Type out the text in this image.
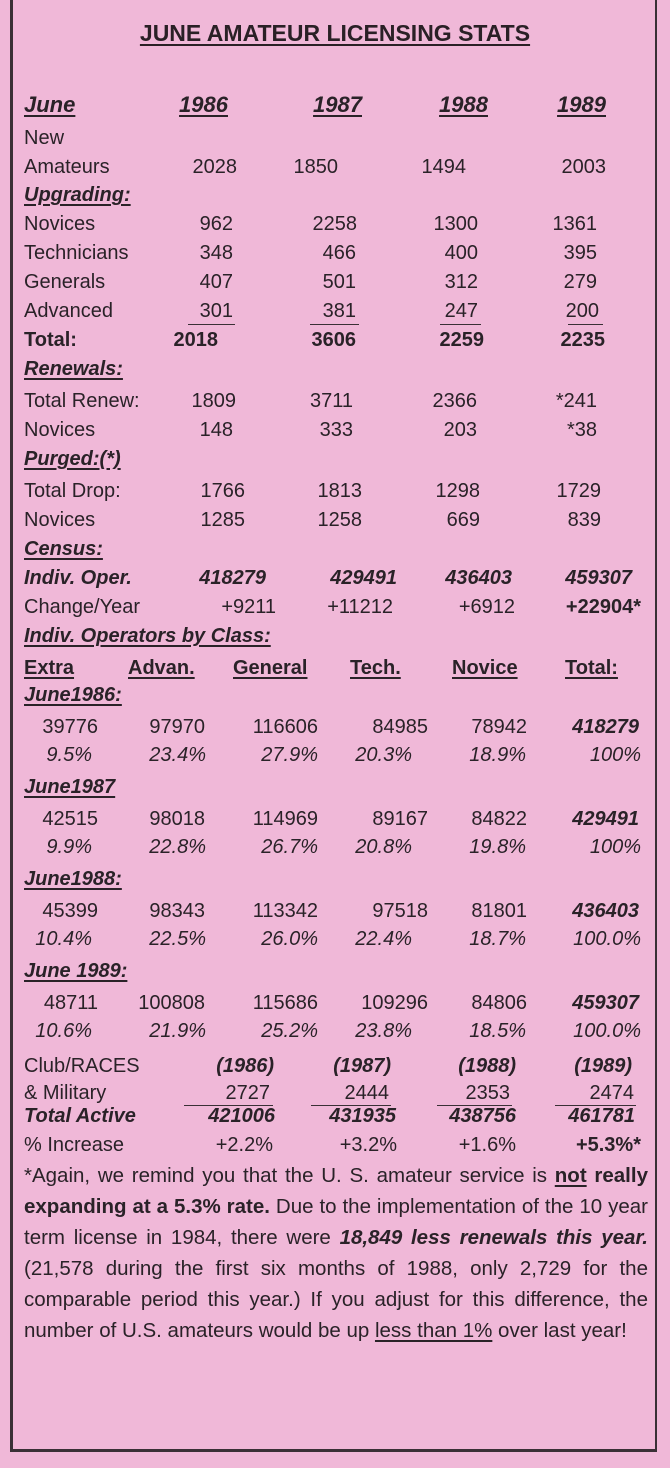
JUNE AMATEUR LICENSING STATS
June	1986	1987	1988	1989
New
Amateurs	2028	1850	1494	2003
Upgrading:
Novices	962	2258	1300	1361
Technicians	348	466	400	395
Generals	407	501	312	279
Advanced	301	381	247	200
Total:	2018	3606	2259	2235
Renewals:
Total Renew:	1809	3711	2366	*241
Novices	148	333	203	*38
Purged:(*)
Total Drop:	1766	1813	1298	1729
Novices	1285	1258	669	839
Census:
Indiv. Oper.	418279	429491 436403	459307
Change/Year	+9211	+11212	+6912	+22904*
Indiv. Operators by Class:
Extra	Advan. General Tech.	Novice Total:
June1986:
39776	97970 116606	84985 78942 418279
9.5%	23.4%	27.9% 20.3%	18.9%	100%
June1987
42515	98018 114969	89167 84822 429491
9.9%	22.8%	26.7% 20.8%	19.8%	100%
June1988:
45399	98343 113342	97518 81801 436403
10.4%	22.5%	26.0% 22.4%	18.7% 100.0%
June 1989:
48711 100808 115686 109296 84806 459307
10.6%	21.9%	25.2% 23.8%	18.5% 100.0%
Club/RACES	(1986)	(1987)	(1988)	(1989)
& Military	2727	2444	2353	2474
Total Active	421006	431935	438756	461781
% Increase	+2.2%	+3.2%	+1.6%	+5.3%*
*Again, we remind you that the U. S. amateur service is not really expanding at a 5.3% rate. Due to the implementation of the 10 year term license in 1984, there were 18,849 less renewals this year. (21,578 during the first six months of 1988, only 2,729 for the comparable period this year.) If you adjust for this difference, the number of U.S. amateurs would be up less than 1% over last year!
